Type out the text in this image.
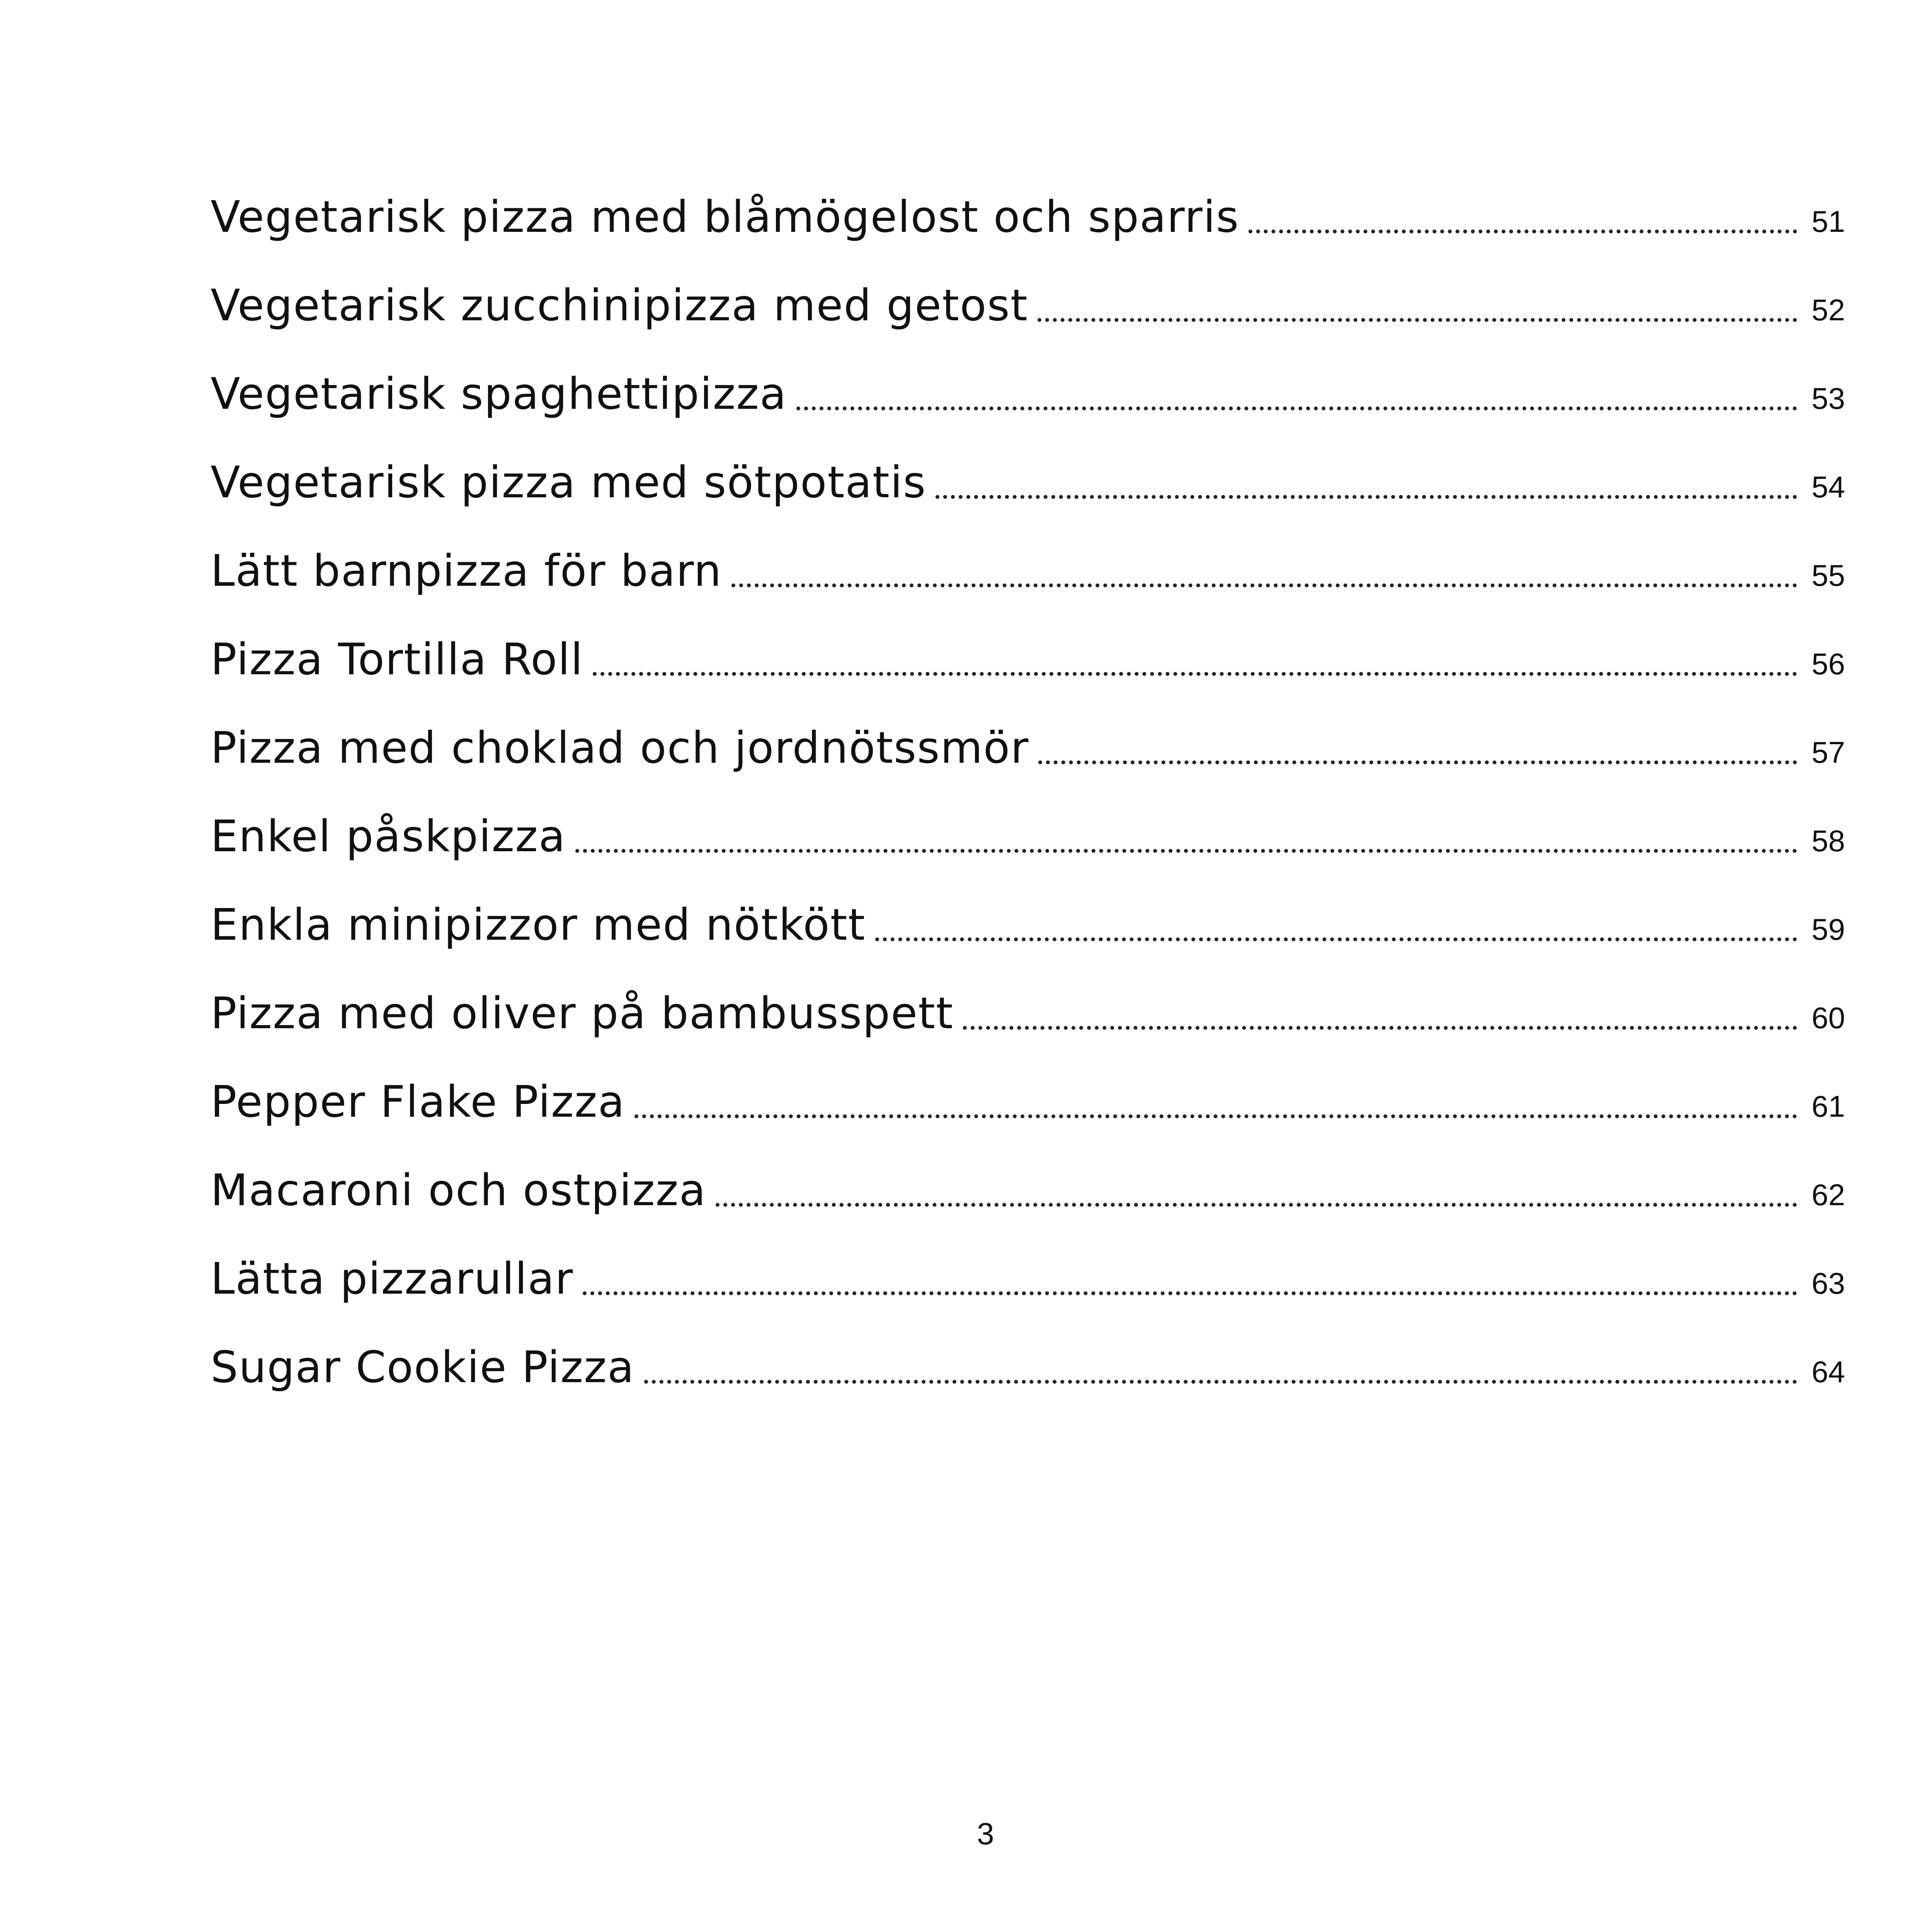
Vegetarisk pizza med blåmögelost och sparris	51
Vegetarisk zucchinipizza med getost	52
Vegetarisk spaghettipizza	53
Vegetarisk pizza med sötpotatis	54
Lätt barnpizza för barn	55
Pizza Tortilla Roll	56
Pizza med choklad och jordnötssmör	57
Enkel påskpizza	58
Enkla minipizzor med nötkött	59
Pizza med oliver på bambusspett	60
Pepper Flake Pizza	61
Macaroni och ostpizza	62
Lätta pizzarullar	63
Sugar Cookie Pizza	64
3
